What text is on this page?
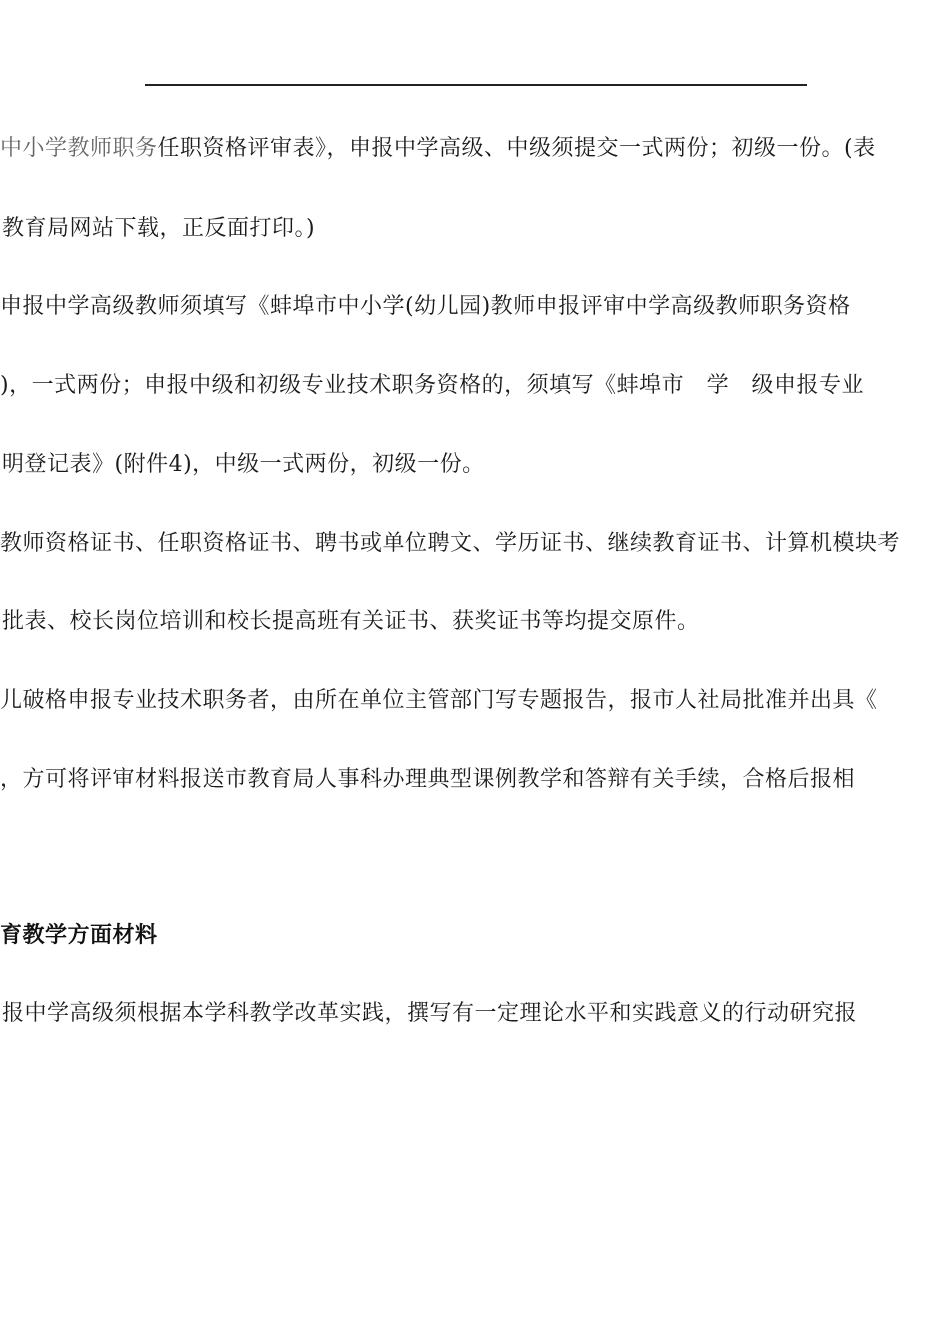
中小学教师职务任职资格评审表》，申报中学高级、中级须提交一式两份；初级一份。(表
教育局网站下载，正反面打印。)
申报中学高级教师须填写《蚌埠市中小学(幼儿园)教师申报评审中学高级教师职务资格
)，一式两份；申报中级和初级专业技术职务资格的，须填写《蚌埠市   学   级申报专业
明登记表》(附件4)，中级一式两份，初级一份。
教师资格证书、任职资格证书、聘书或单位聘文、学历证书、继续教育证书、计算机模块考
批表、校长岗位培训和校长提高班有关证书、获奖证书等均提交原件。
儿破格申报专业技术职务者，由所在单位主管部门写专题报告，报市人社局批准并出具《
，方可将评审材料报送市教育局人事科办理典型课例教学和答辩有关手续，合格后报相
育教学方面材料
报中学高级须根据本学科教学改革实践，撰写有一定理论水平和实践意义的行动研究报
